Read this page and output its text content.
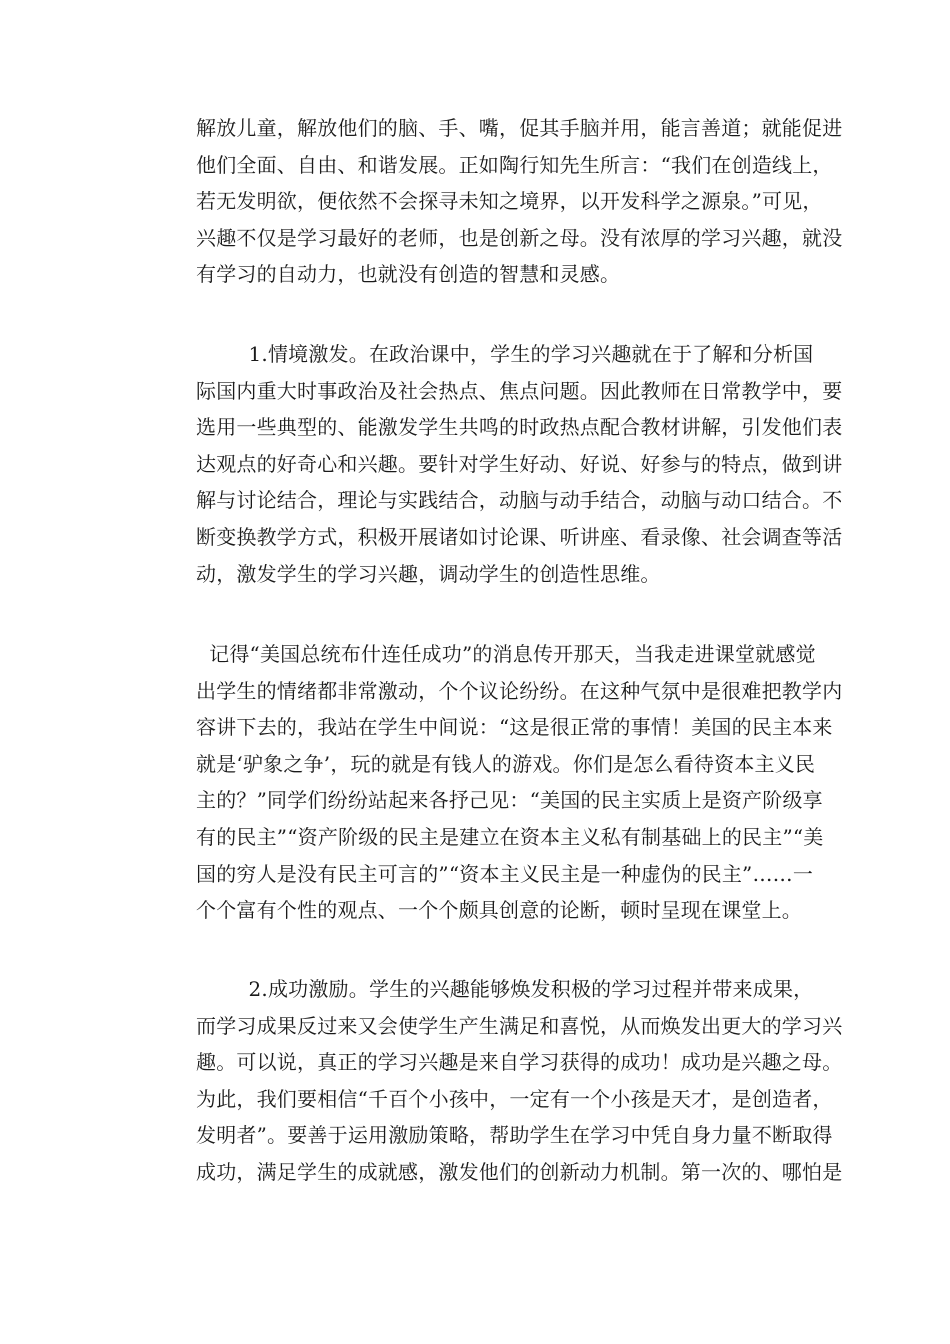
解放儿童，解放他们的脑、手、嘴，促其手脑并用，能言善道；就能促进
他们全面、自由、和谐发展。正如陶行知先生所言：“我们在创造线上，
若无发明欲，便依然不会探寻未知之境界，以开发科学之源泉。”可见，
兴趣不仅是学习最好的老师，也是创新之母。没有浓厚的学习兴趣，就没
有学习的自动力，也就没有创造的智慧和灵感。
1.情境激发。在政治课中，学生的学习兴趣就在于了解和分析国
际国内重大时事政治及社会热点、焦点问题。因此教师在日常教学中，要
选用一些典型的、能激发学生共鸣的时政热点配合教材讲解，引发他们表
达观点的好奇心和兴趣。要针对学生好动、好说、好参与的特点，做到讲
解与讨论结合，理论与实践结合，动脑与动手结合，动脑与动口结合。不
断变换教学方式，积极开展诸如讨论课、听讲座、看录像、社会调查等活
动，激发学生的学习兴趣，调动学生的创造性思维。
记得“美国总统布什连任成功”的消息传开那天，当我走进课堂就感觉
出学生的情绪都非常激动，个个议论纷纷。在这种气氛中是很难把教学内
容讲下去的，我站在学生中间说：“这是很正常的事情！美国的民主本来
就是‘驴象之争’，玩的就是有钱人的游戏。你们是怎么看待资本主义民
主的？”同学们纷纷站起来各抒己见：“美国的民主实质上是资产阶级享
有的民主”“资产阶级的民主是建立在资本主义私有制基础上的民主”“美
国的穷人是没有民主可言的”“资本主义民主是一种虚伪的民主”……一
个个富有个性的观点、一个个颇具创意的论断，顿时呈现在课堂上。
2.成功激励。学生的兴趣能够焕发积极的学习过程并带来成果，
而学习成果反过来又会使学生产生满足和喜悦，从而焕发出更大的学习兴
趣。可以说，真正的学习兴趣是来自学习获得的成功！成功是兴趣之母。
为此，我们要相信“千百个小孩中，一定有一个小孩是天才，是创造者，
发明者”。要善于运用激励策略，帮助学生在学习中凭自身力量不断取得
成功，满足学生的成就感，激发他们的创新动力机制。第一次的、哪怕是
